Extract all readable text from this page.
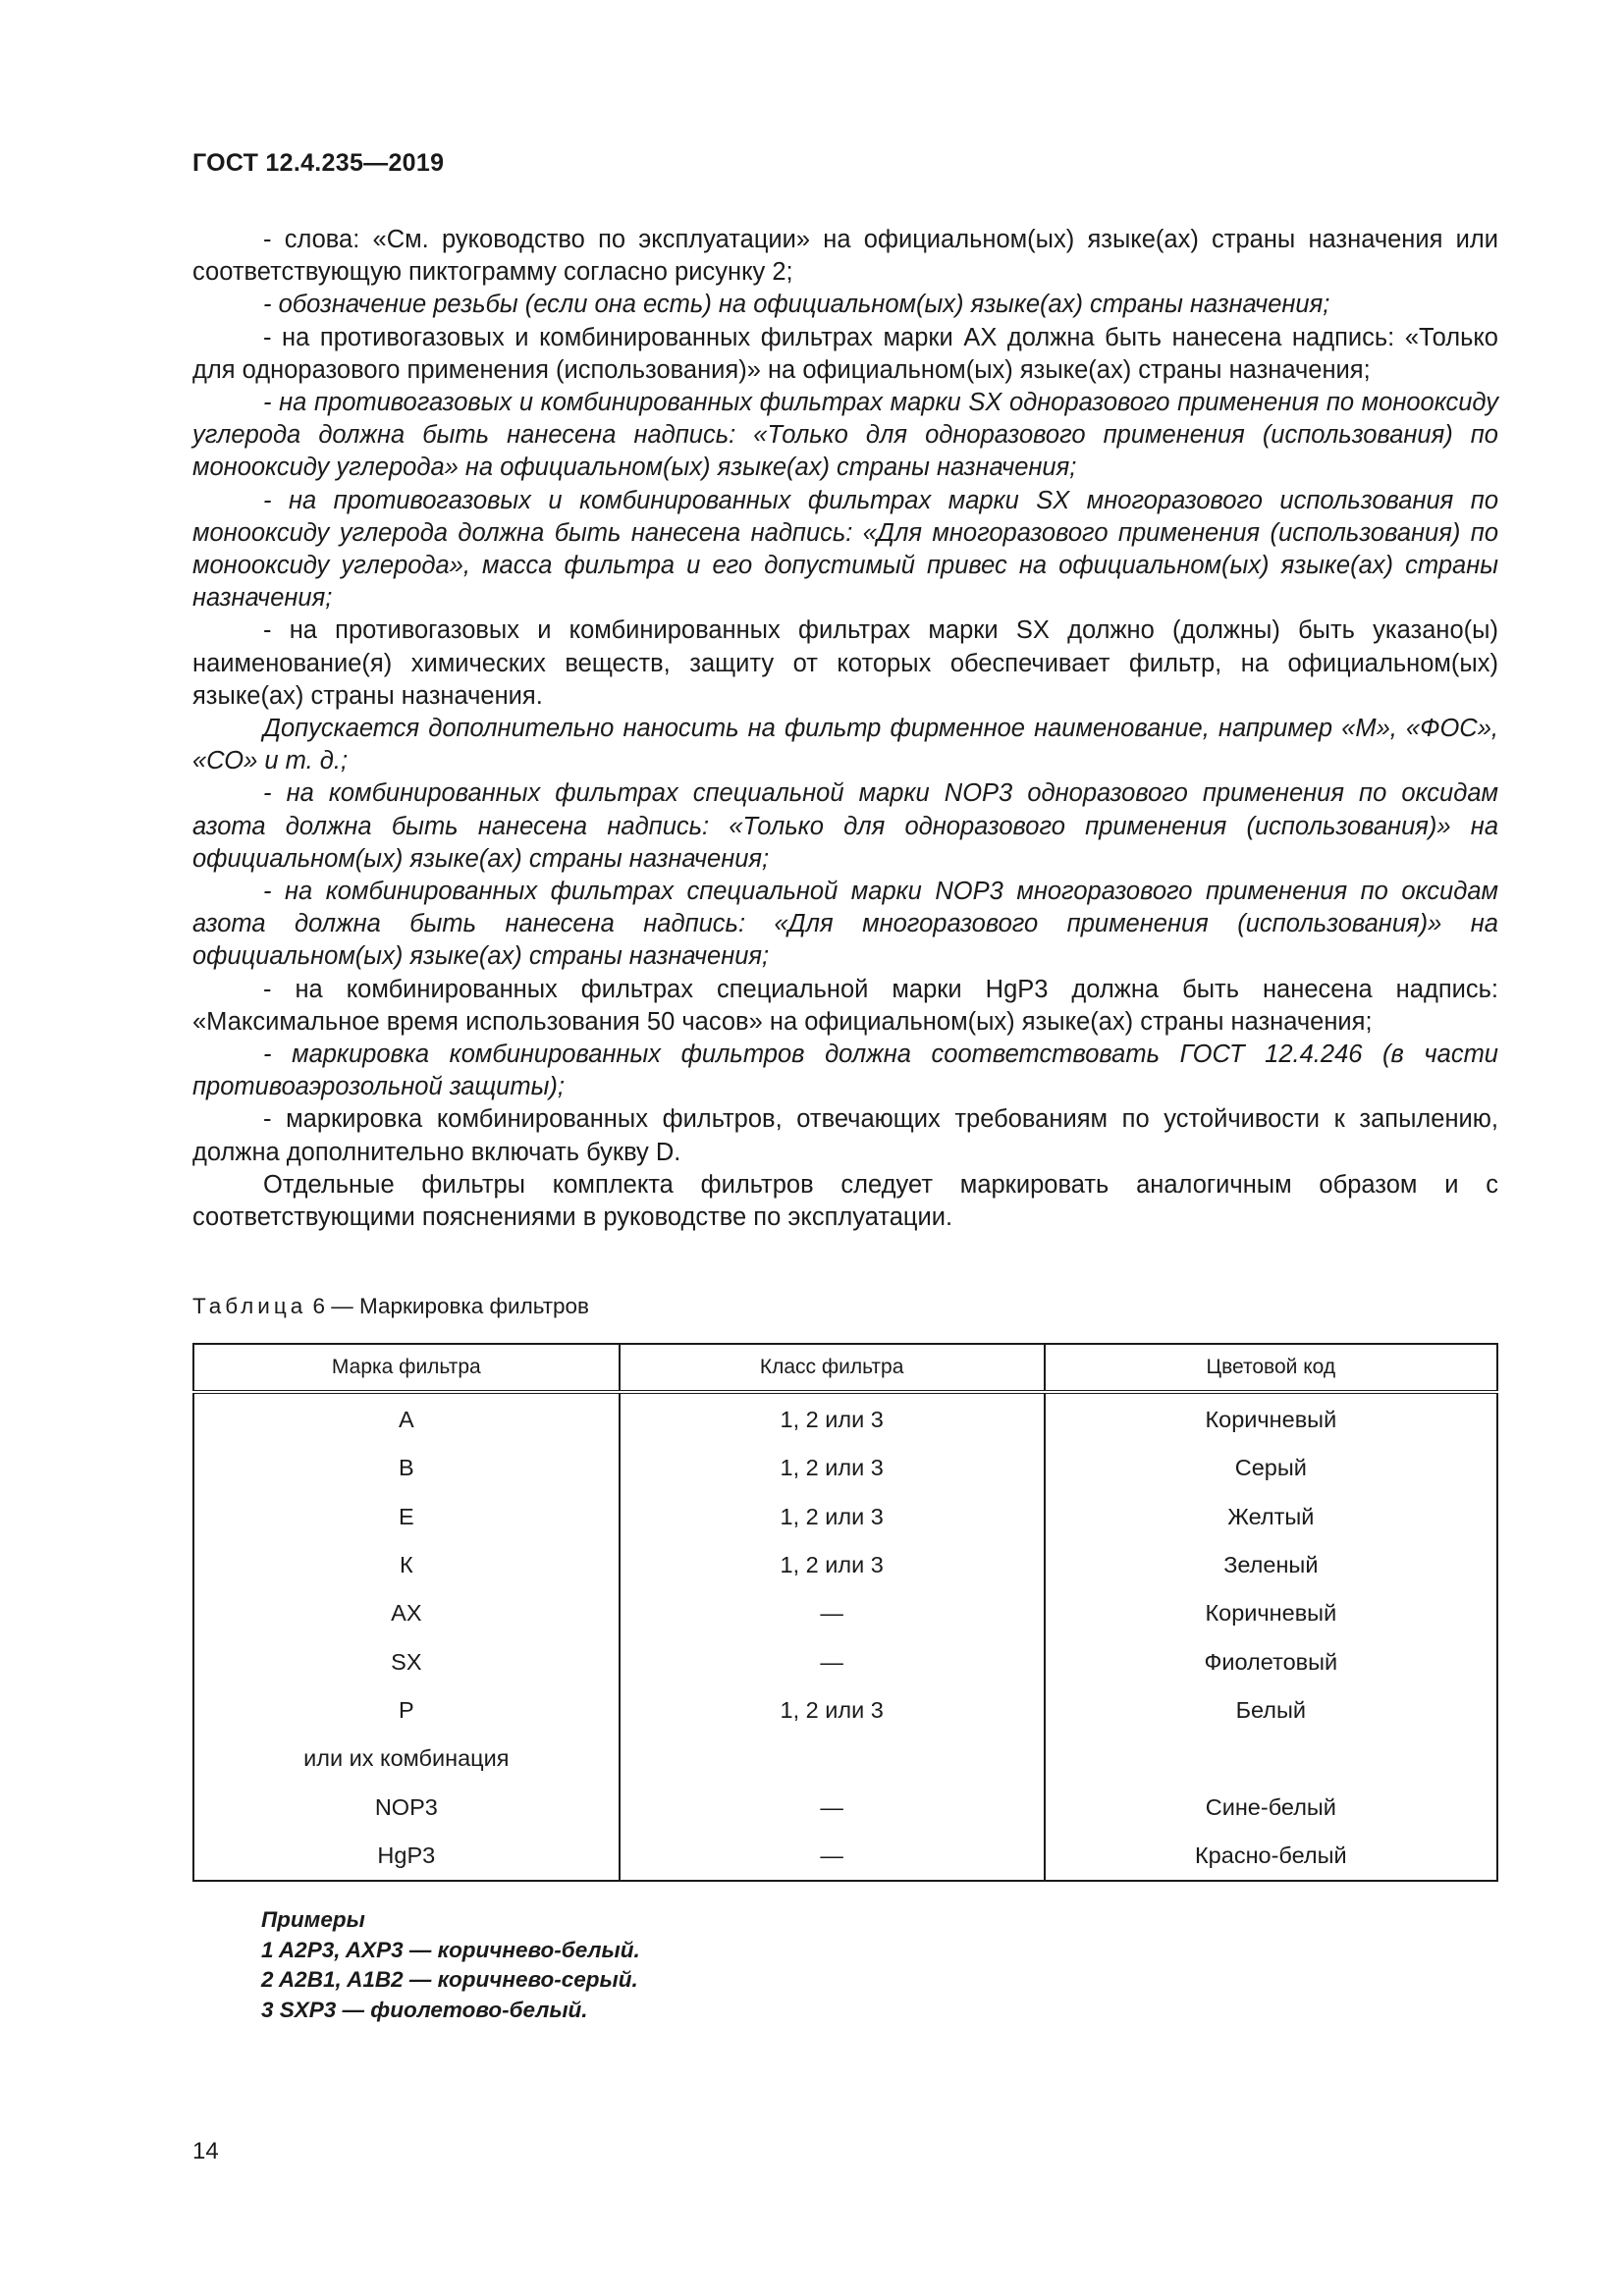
ГОСТ 12.4.235—2019

- слова: «См. руководство по эксплуатации» на официальном(ых) языке(ах) страны назначения или соответствующую пиктограмму согласно рисунку 2;

- обозначение резьбы (если она есть) на официальном(ых) языке(ах) страны назначения;

- на противогазовых и комбинированных фильтрах марки АХ должна быть нанесена надпись: «Только для одноразового применения (использования)» на официальном(ых) языке(ах) страны назначения;

- на противогазовых и комбинированных фильтрах марки SX одноразового применения по монооксиду углерода должна быть нанесена надпись: «Только для одноразового применения (использования) по монооксиду углерода» на официальном(ых) языке(ах) страны назначения;

- на противогазовых и комбинированных фильтрах марки SX многоразового использования по монооксиду углерода должна быть нанесена надпись: «Для многоразового применения (использования) по монооксиду углерода», масса фильтра и его допустимый привес на официальном(ых) языке(ах) страны назначения;

- на противогазовых и комбинированных фильтрах марки SX должно (должны) быть указано(ы) наименование(я) химических веществ, защиту от которых обеспечивает фильтр, на официальном(ых) языке(ах) страны назначения.

Допускается дополнительно наносить на фильтр фирменное наименование, например «М», «ФОС», «СО» и т. д.;

- на комбинированных фильтрах специальной марки NOP3 одноразового применения по оксидам азота должна быть нанесена надпись: «Только для одноразового применения (использования)» на официальном(ых) языке(ах) страны назначения;

- на комбинированных фильтрах специальной марки NOP3 многоразового применения по оксидам азота должна быть нанесена надпись: «Для многоразового применения (использования)» на официальном(ых) языке(ах) страны назначения;

- на комбинированных фильтрах специальной марки HgP3 должна быть нанесена надпись: «Максимальное время использования 50 часов» на официальном(ых) языке(ах) страны назначения;

- маркировка комбинированных фильтров должна соответствовать ГОСТ 12.4.246 (в части противоаэрозольной защиты);

- маркировка комбинированных фильтров, отвечающих требованиям по устойчивости к запылению, должна дополнительно включать букву D.

Отдельные фильтры комплекта фильтров следует маркировать аналогичным образом и с соответствующими пояснениями в руководстве по эксплуатации.

Таблица 6 — Маркировка фильтров
Марка фильтра	Класс фильтра	Цветовой код
А	1, 2 или 3	Коричневый
В	1, 2 или 3	Серый
Е	1, 2 или 3	Желтый
К	1, 2 или 3	Зеленый
АХ	—	Коричневый
SX	—	Фиолетовый
Р	1, 2 или 3	Белый
или их комбинация		
NOP3	—	Сине-белый
HgP3	—	Красно-белый
Примеры
1 A2P3, AXP3 — коричнево-белый.
2 A2B1, A1B2 — коричнево-серый.
3 SXP3 — фиолетово-белый.
14
